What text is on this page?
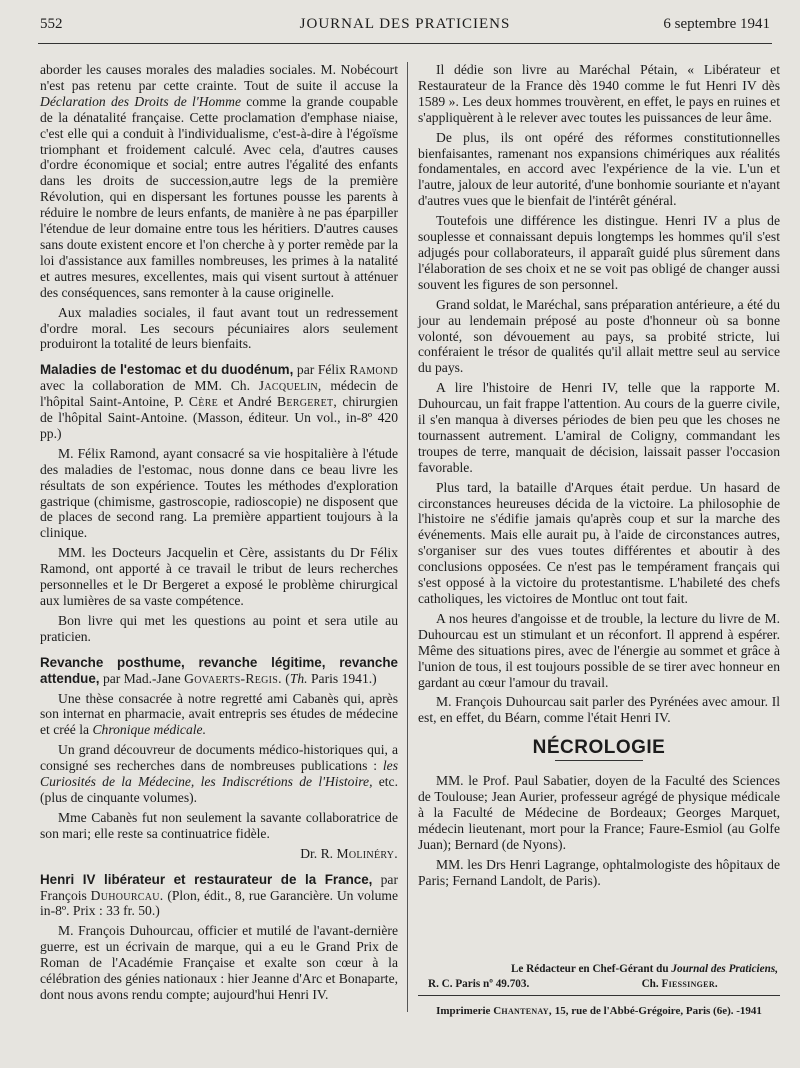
552	JOURNAL DES PRATICIENS	6 septembre 1941

aborder les causes morales des maladies sociales. M. Nobécourt n'est pas retenu par cette crainte. Tout de suite il accuse la Déclaration des Droits de l'Homme comme la grande coupable de la dénatalité française. Cette proclamation d'emphase niaise, c'est elle qui a conduit à l'individualisme, c'est-à-dire à l'égoïsme triomphant et froidement calculé. Avec cela, d'autres causes d'ordre économique et social; entre autres l'égalité des enfants dans les droits de succession,autre legs de la première Révolution, qui en dispersant les fortunes pousse les parents à réduire le nombre de leurs enfants, de manière à ne pas éparpiller l'étendue de leur domaine entre tous les héritiers. D'autres causes sans doute existent encore et l'on cherche à y porter remède par la loi d'assistance aux familles nombreuses, les primes à la natalité et autres mesures, excellentes, mais qui visent surtout à atténuer des conséquences, sans remonter à la cause originelle.

Aux maladies sociales, il faut avant tout un redressement d'ordre moral. Les secours pécuniaires alors seulement produiront la totalité de leurs bienfaits.

Maladies de l'estomac et du duodénum, par Félix Ramond avec la collaboration de MM. Ch. Jacquelin, médecin de l'hôpital Saint-Antoine, P. Cère et André Bergeret, chirurgien de l'hôpital Saint-Antoine. (Masson, éditeur. Un vol., in-8º 420 pp.)

M. Félix Ramond, ayant consacré sa vie hospitalière à l'étude des maladies de l'estomac, nous donne dans ce beau livre les résultats de son expérience. Toutes les méthodes d'exploration gastrique (chimisme, gastroscopie, radioscopie) ne disposent que de places de second rang. La première appartient toujours à la clinique.

MM. les Docteurs Jacquelin et Cère, assistants du Dr Félix Ramond, ont apporté à ce travail le tribut de leurs recherches personnelles et le Dr Bergeret a exposé le problème chirurgical aux lumières de sa vaste compétence.

Bon livre qui met les questions au point et sera utile au praticien.

Revanche posthume, revanche légitime, revanche attendue, par Mad.-Jane Govaerts-Regis. (Th. Paris 1941.)

Une thèse consacrée à notre regretté ami Cabanès qui, après son internat en pharmacie, avait entrepris ses études de médecine et créé la Chronique médicale.

Un grand découvreur de documents médico-historiques qui, a consigné ses recherches dans de nombreuses publications : les Curiosités de la Médecine, les Indiscrétions de l'Histoire, etc. (plus de cinquante volumes).

Mme Cabanès fut non seulement la savante collaboratrice de son mari; elle reste sa continuatrice fidèle.

Dr. R. Molinéry.

Henri IV libérateur et restaurateur de la France, par François Duhourcau. (Plon, édit., 8, rue Garancière. Un volume in-8º. Prix : 33 fr. 50.)

M. François Duhourcau, officier et mutilé de l'avant-dernière guerre, est un écrivain de marque, qui a eu le Grand Prix de Roman de l'Académie Française et exalte son cœur à la célébration des génies nationaux : hier Jeanne d'Arc et Bonaparte, dont nous avons rendu compte; aujourd'hui Henri IV.

Il dédie son livre au Maréchal Pétain, « Libérateur et Restaurateur de la France dès 1940 comme le fut Henri IV dès 1589 ». Les deux hommes trouvèrent, en effet, le pays en ruines et s'appliquèrent à le relever avec toutes les puissances de leur âme.

De plus, ils ont opéré des réformes constitutionnelles bienfaisantes, ramenant nos expansions chimériques aux réalités fondamentales, en accord avec l'expérience de la vie. L'un et l'autre, jaloux de leur autorité, d'une bonhomie souriante et n'ayant d'autres vues que le bienfait de l'intérêt général.

Toutefois une différence les distingue. Henri IV a plus de souplesse et connaissant depuis longtemps les hommes qu'il s'est adjugés pour collaborateurs, il apparaît guidé plus sûrement dans l'élaboration de ses choix et ne se voit pas obligé de changer aussi souvent les figures de son personnel.

Grand soldat, le Maréchal, sans préparation antérieure, a été du jour au lendemain préposé au poste d'honneur où sa bonne volonté, son dévouement au pays, sa probité stricte, lui conféraient le trésor de qualités qu'il allait mettre seul au service du pays.

A lire l'histoire de Henri IV, telle que la rapporte M. Duhourcau, un fait frappe l'attention. Au cours de la guerre civile, il s'en manqua à diverses périodes de bien peu que les choses ne tournassent autrement. L'amiral de Coligny, commandant les troupes de terre, manquait de décision, laissait passer l'occasion favorable.

Plus tard, la bataille d'Arques était perdue. Un hasard de circonstances heureuses décida de la victoire. La philosophie de l'histoire ne s'édifie jamais qu'après coup et sur la marche des événements. Mais elle aurait pu, à l'aide de circonstances autres, s'organiser sur des vues toutes différentes et aboutir à des conclusions opposées. Ce n'est pas le tempérament français qui s'est opposé à la victoire du protestantisme. L'habileté des chefs catholiques, les victoires de Montluc ont tout fait.

A nos heures d'angoisse et de trouble, la lecture du livre de M. Duhourcau est un stimulant et un réconfort. Il apprend à espérer. Même des situations pires, avec de l'énergie au sommet et grâce à l'union de tous, il est toujours possible de se tirer avec honneur en gardant au cœur l'amour du travail.

M. François Duhourcau sait parler des Pyrénées avec amour. Il est, en effet, du Béarn, comme l'était Henri IV.

NÉCROLOGIE

MM. le Prof. Paul Sabatier, doyen de la Faculté des Sciences de Toulouse; Jean Aurier, professeur agrégé de physique médicale à la Faculté de Médecine de Bordeaux; Georges Marquet, médecin lieutenant, mort pour la France; Faure-Esmiol (au Golfe Juan); Bernard (de Nyons).

MM. les Drs Henri Lagrange, ophtalmologiste des hôpitaux de Paris; Fernand Landolt, de Paris).

Le Rédacteur en Chef-Gérant du Journal des Praticiens,
R. C. Paris nº 49.703.	Ch. Fiessinger.
Imprimerie Chantenay, 15, rue de l'Abbé-Grégoire, Paris (6e). -1941
